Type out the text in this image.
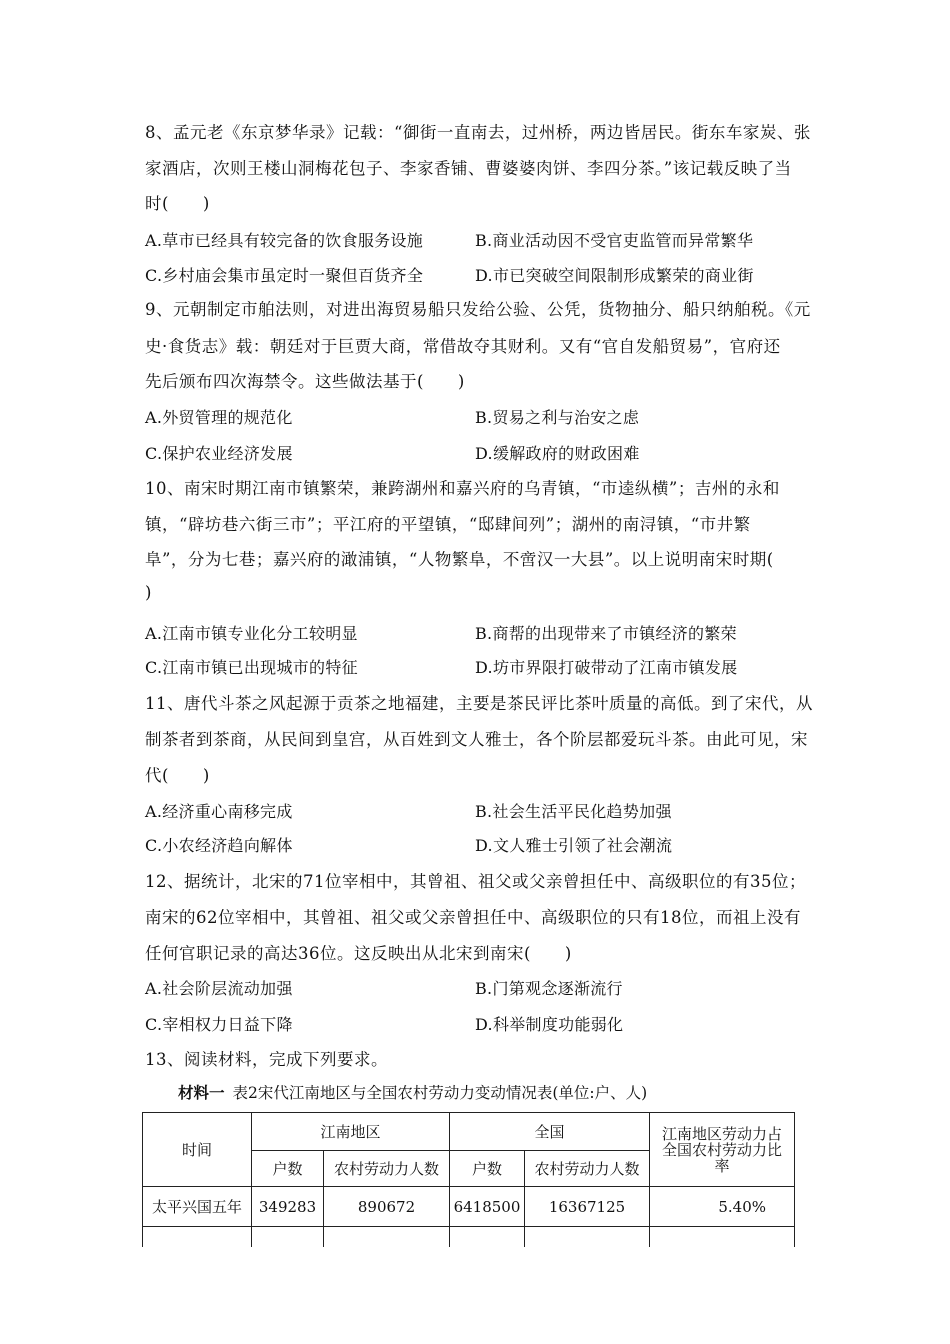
8、孟元老《东京梦华录》记载：“御街一直南去，过州桥，两边皆居民。街东车家炭、张
家酒店，次则王楼山洞梅花包子、李家香铺、曹婆婆肉饼、李四分茶。”该记载反映了当
时(　　)
A.草市已经具有较完备的饮食服务设施	B.商业活动因不受官吏监管而异常繁华
C.乡村庙会集市虽定时一聚但百货齐全	D.市已突破空间限制形成繁荣的商业街
9、元朝制定市舶法则，对进出海贸易船只发给公验、公凭，货物抽分、船只纳舶税。《元
史·食货志》载：朝廷对于巨贾大商，常借故夺其财利。又有“官自发船贸易”，官府还
先后颁布四次海禁令。这些做法基于(　　)
A.外贸管理的规范化	B.贸易之利与治安之虑
C.保护农业经济发展	D.缓解政府的财政困难
10、南宋时期江南市镇繁荣，兼跨湖州和嘉兴府的乌青镇，“市逵纵横”；吉州的永和
镇，“辟坊巷六街三市”；平江府的平望镇，“邸肆间列”；湖州的南浔镇，“市井繁
阜”，分为七巷；嘉兴府的澉浦镇，“人物繁阜，不啻汉一大县”。以上说明南宋时期(
)
A.江南市镇专业化分工较明显	B.商帮的出现带来了市镇经济的繁荣
C.江南市镇已出现城市的特征	D.坊市界限打破带动了江南市镇发展
11、唐代斗茶之风起源于贡茶之地福建，主要是茶民评比茶叶质量的高低。到了宋代，从
制茶者到茶商，从民间到皇宫，从百姓到文人雅士，各个阶层都爱玩斗茶。由此可见，宋
代(　　)
A.经济重心南移完成	B.社会生活平民化趋势加强
C.小农经济趋向解体	D.文人雅士引领了社会潮流
12、据统计，北宋的71位宰相中，其曾祖、祖父或父亲曾担任中、高级职位的有35位；
南宋的62位宰相中，其曾祖、祖父或父亲曾担任中、高级职位的只有18位，而祖上没有
任何官职记录的高达36位。这反映出从北宋到南宋(　　)
A.社会阶层流动加强	B.门第观念逐渐流行
C.宰相权力日益下降	D.科举制度功能弱化
13、阅读材料，完成下列要求。
材料一 表2宋代江南地区与全国农村劳动力变动情况表(单位:户、人)
时间	江南地区		全国		江南地区劳动力占
全国农村劳动力比
率

	户数	农村劳动力人数	户数	农村劳动力人数	
太平兴国五年	349283	890672	6418500	16367125	5.40%
